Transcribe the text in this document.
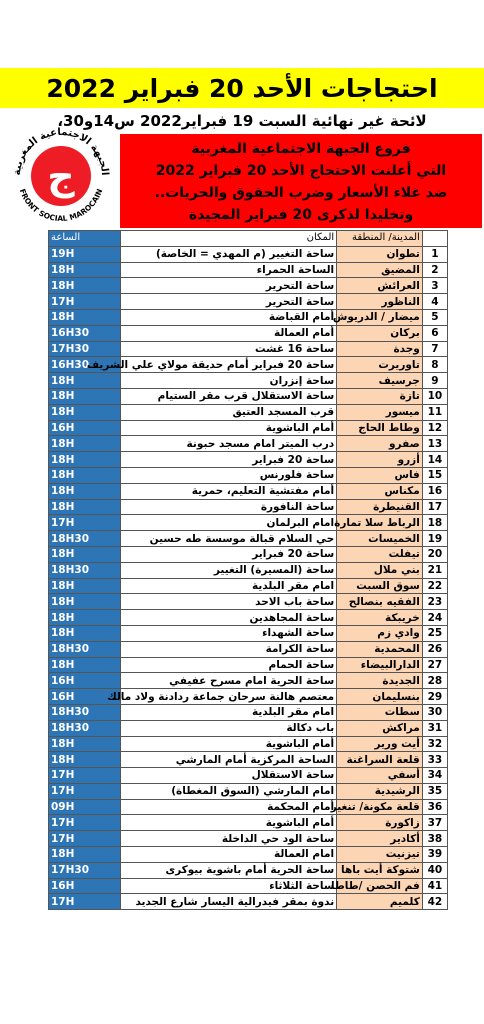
احتجاجات الأحد 20 فبراير 2022
لائحة غير نهائية السبت 19 فبراير2022 س14و30،
ج
الجبهة الاجتماعية المغربية
FRONT SOCIAL MAROCAIN
فروع الجبهة الاجتماعية المغربية
التي أعلنت الاحتجاج الأحد 20 فبراير 2022
ضد غلاء الأسعار وضرب الحقوق والحريات..
وتخليدا لذكرى 20 فبراير المجيدة
الساعة	المكان	المدينة/ المنطقة	
19H	ساحة التغيير (م المهدي = الخاصة)	تطوان	1
18H	الساحة الحمراء	المضيق	2
18H	ساحة التحرير	العرائش	3
17H	ساحة التحرير	الناظور	4
18H	أمام القباضة	ميضار / الدريوش	5
16H30	أمام العمالة	بركان	6
17H30	ساحة 16 غشت	وجدة	7
16H30	ساحة 20 فبراير أمام حديقة مولاي علي الشريف	تاوريرت	8
18H	ساحة إنزران	جرسيف	9
18H	ساحة الاستقلال قرب مقر الستيام	تازة	10
18H	قرب المسجد العتيق	ميسور	11
16H	أمام الباشوية	وطاط الحاج	12
18H	درب الميتر امام مسجد حبونة	صفرو	13
18H	ساحة 20 فبراير	أزرو	14
18H	ساحة فلورنس	فاس	15
18H	أمام مفتشية التعليم، حمرية	مكناس	16
18H	ساحة النافورة	القنيطرة	17
17H	امام البرلمان	الرباط سلا تمارة	18
18H30	حي السلام قبالة موسسة طه حسين	الخميسات	19
18H	ساحة 20 فبراير	تيفلت	20
18H30	ساحة (المسيرة) التغيير	بني ملال	21
18H	امام مقر البلدية	سوق السبت	22
18H	ساحة باب الاحد	الفقيه بنصالح	23
18H	ساحة المجاهدين	خريبكة	24
18H	ساحة الشهداء	وادي زم	25
18H30	ساحة الكرامة	المحمدية	26
18H	ساحة الحمام	الدارالبيضاء	27
16H	ساحة الحرية امام مسرح عفيفي	الجديدة	28
16H	معتصم هالنة سرحان جماعة ردادنة ولاد مالك	بنسليمان	29
18H30	امام مقر البلدية	سطات	30
18H30	باب دكالة	مراكش	31
18H	أمام الباشوية	أيت ورير	32
18H	الساحة المركزية أمام المارشي	قلعة السراغنة	33
17H	ساحة الاستقلال	أسفي	34
17H	امام المارشي (السوق المغطاة)	الرشيدية	35
09H	أمام المحكمة	قلعة مكونة/ تنغير	36
17H	أمام الباشوية	زاكورة	37
17H	ساحة الود حي الداخلة	أكادير	38
18H	امام العمالة	تيزنيت	39
17H30	ساحة الحرية أمام باشوية بيوكرى	شتوكة أيت باها	40
16H	ساحة الثلاثاء	فم الحصن /طاطا	41
17H	ندوة بمقر فيدرالية اليسار شارع الجديد	كلميم	42
